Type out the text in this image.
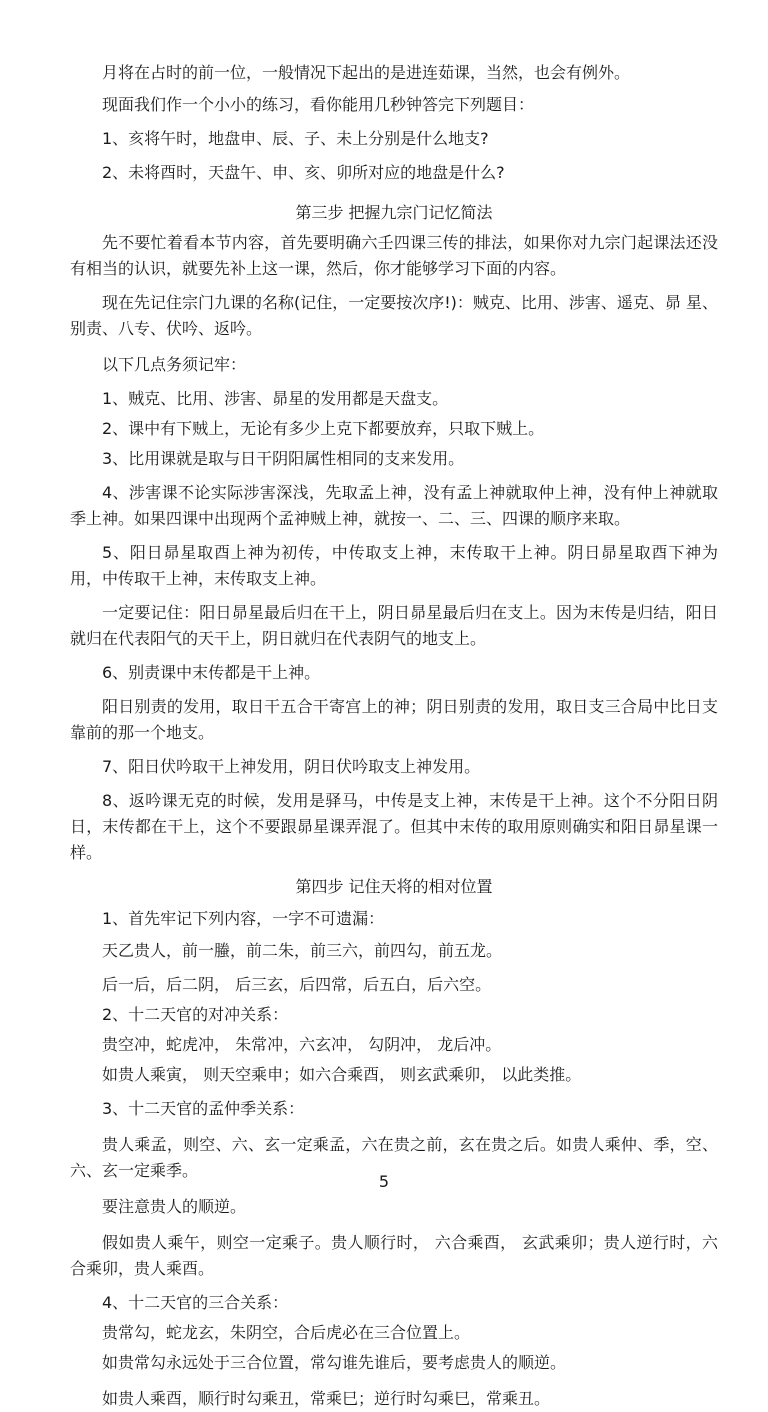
月将在占时的前一位，一般情况下起出的是进连茹课，当然，也会有例外。

现面我们作一个小小的练习，看你能用几秒钟答完下列题目：

1、亥将午时，地盘申、辰、子、未上分别是什么地支?

2、未将酉时，天盘午、申、亥、卯所对应的地盘是什么?

第三步 把握九宗门记忆简法

先不要忙着看本节内容，首先要明确六壬四课三传的排法，如果你对九宗门起课法还没有相当的认识，就要先补上这一课，然后，你才能够学习下面的内容。

现在先记住宗门九课的名称(记住，一定要按次序!)：贼克、比用、涉害、遥克、昴 星、别责、八专、伏吟、返吟。

以下几点务须记牢：

1、贼克、比用、涉害、昴星的发用都是天盘支。

2、课中有下贼上，无论有多少上克下都要放弃，只取下贼上。

3、比用课就是取与日干阴阳属性相同的支来发用。

4、涉害课不论实际涉害深浅，先取孟上神，没有孟上神就取仲上神，没有仲上神就取季上神。如果四课中出现两个孟神贼上神，就按一、二、三、四课的顺序来取。

5、阳日昴星取酉上神为初传，中传取支上神，末传取干上神。阴日昴星取酉下神为用，中传取干上神，末传取支上神。

一定要记住：阳日昴星最后归在干上，阴日昴星最后归在支上。因为末传是归结，阳日就归在代表阳气的天干上，阴日就归在代表阴气的地支上。

6、别责课中末传都是干上神。

阳日别责的发用，取日干五合干寄宫上的神；阴日别责的发用，取日支三合局中比日支靠前的那一个地支。

7、阳日伏吟取干上神发用，阴日伏吟取支上神发用。

8、返吟课无克的时候，发用是驿马，中传是支上神，末传是干上神。这个不分阳日阴日，末传都在干上，这个不要跟昴星课弄混了。但其中末传的取用原则确实和阳日昴星课一样。

第四步 记住天将的相对位置

1、首先牢记下列内容，一字不可遗漏：

天乙贵人，前一螣，前二朱，前三六，前四勾，前五龙。

后一后，后二阴， 后三玄，后四常，后五白，后六空。

2、十二天官的对冲关系：

贵空冲，蛇虎冲， 朱常冲，六玄冲， 勾阴冲， 龙后冲。

如贵人乘寅， 则天空乘申；如六合乘酉， 则玄武乘卯， 以此类推。

3、十二天官的孟仲季关系：

贵人乘孟，则空、六、玄一定乘孟，六在贵之前，玄在贵之后。如贵人乘仲、季，空、六、玄一定乘季。

要注意贵人的顺逆。

假如贵人乘午，则空一定乘子。贵人顺行时， 六合乘酉， 玄武乘卯；贵人逆行时，六合乘卯，贵人乘酉。

4、十二天官的三合关系：

贵常勾，蛇龙玄，朱阴空，合后虎必在三合位置上。

如贵常勾永远处于三合位置，常勾谁先谁后，要考虑贵人的顺逆。

如贵人乘酉，顺行时勾乘丑，常乘巳；逆行时勾乘巳，常乘丑。

5
